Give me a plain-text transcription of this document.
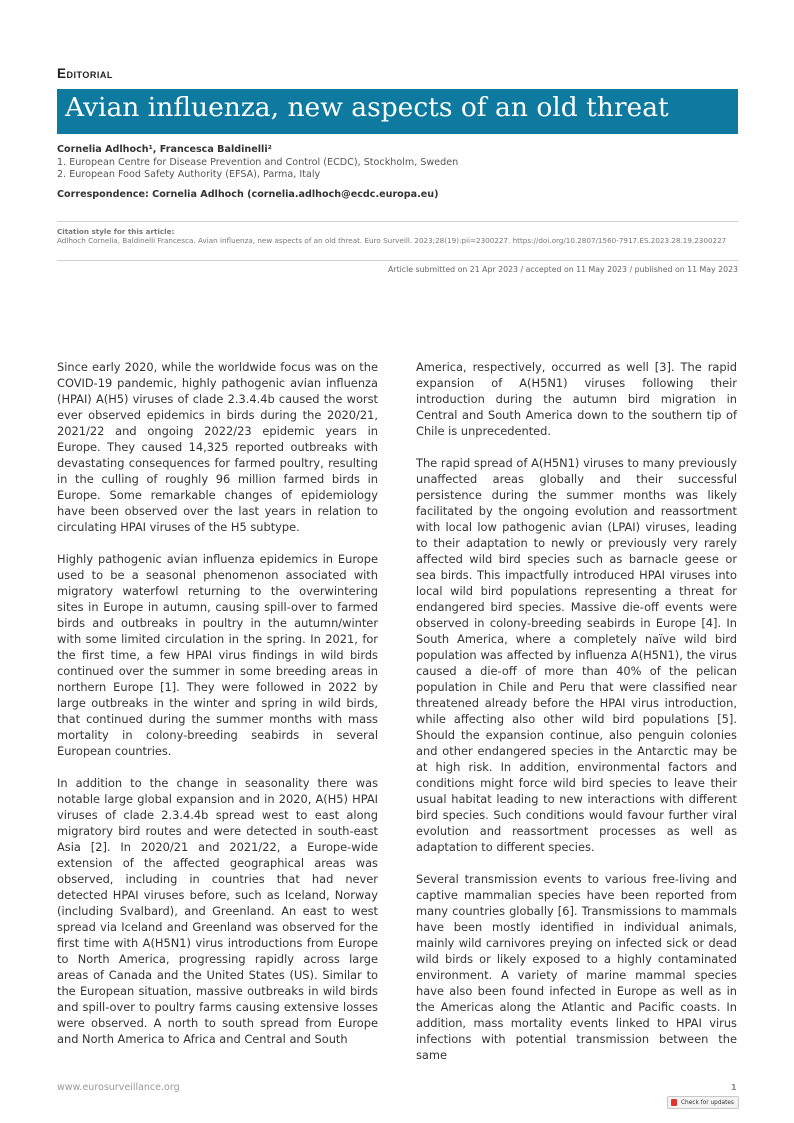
Editorial
Avian influenza, new aspects of an old threat
Cornelia Adlhoch¹, Francesca Baldinelli²
1. European Centre for Disease Prevention and Control (ECDC), Stockholm, Sweden
2. European Food Safety Authority (EFSA), Parma, Italy
Correspondence: Cornelia Adlhoch (cornelia.adlhoch@ecdc.europa.eu)
Citation style for this article:
Adlhoch Cornelia, Baldinelli Francesca. Avian influenza, new aspects of an old threat. Euro Surveill. 2023;28(19):pii=2300227. https://doi.org/10.2807/1560-7917.ES.2023.28.19.2300227
Article submitted on 21 Apr 2023 / accepted on 11 May 2023 / published on 11 May 2023

Since early 2020, while the worldwide focus was on the COVID-19 pandemic, highly pathogenic avian influenza (HPAI) A(H5) viruses of clade 2.3.4.4b caused the worst ever observed epidemics in birds during the 2020/21, 2021/22 and ongoing 2022/23 epidemic years in Europe. They caused 14,325 reported outbreaks with devastating consequences for farmed poultry, resulting in the culling of roughly 96 million farmed birds in Europe. Some remarkable changes of epidemiology have been observed over the last years in relation to circulating HPAI viruses of the H5 subtype.

Highly pathogenic avian influenza epidemics in Europe used to be a seasonal phenomenon associated with migratory waterfowl returning to the overwintering sites in Europe in autumn, causing spill-over to farmed birds and outbreaks in poultry in the autumn/winter with some limited circulation in the spring. In 2021, for the first time, a few HPAI virus findings in wild birds continued over the summer in some breeding areas in northern Europe [1]. They were followed in 2022 by large outbreaks in the winter and spring in wild birds, that continued during the summer months with mass mortality in colony-breeding seabirds in several European countries.

In addition to the change in seasonality there was notable large global expansion and in 2020, A(H5) HPAI viruses of clade 2.3.4.4b spread west to east along migratory bird routes and were detected in south-east Asia [2]. In 2020/21 and 2021/22, a Europe-wide extension of the affected geographical areas was observed, including in countries that had never detected HPAI viruses before, such as Iceland, Norway (including Svalbard), and Greenland. An east to west spread via Iceland and Greenland was observed for the first time with A(H5N1) virus introductions from Europe to North America, progressing rapidly across large areas of Canada and the United States (US). Similar to the European situation, massive outbreaks in wild birds and spill-over to poultry farms causing extensive losses were observed. A north to south spread from Europe and North America to Africa and Central and South

America, respectively, occurred as well [3]. The rapid expansion of A(H5N1) viruses following their introduction during the autumn bird migration in Central and South America down to the southern tip of Chile is unprecedented.

The rapid spread of A(H5N1) viruses to many previously unaffected areas globally and their successful persistence during the summer months was likely facilitated by the ongoing evolution and reassortment with local low pathogenic avian (LPAI) viruses, leading to their adaptation to newly or previously very rarely affected wild bird species such as barnacle geese or sea birds. This impactfully introduced HPAI viruses into local wild bird populations representing a threat for endangered bird species. Massive die-off events were observed in colony-breeding seabirds in Europe [4]. In South America, where a completely naïve wild bird population was affected by influenza A(H5N1), the virus caused a die-off of more than 40% of the pelican population in Chile and Peru that were classified near threatened already before the HPAI virus introduction, while affecting also other wild bird populations [5]. Should the expansion continue, also penguin colonies and other endangered species in the Antarctic may be at high risk. In addition, environmental factors and conditions might force wild bird species to leave their usual habitat leading to new interactions with different bird species. Such conditions would favour further viral evolution and reassortment processes as well as adaptation to different species.

Several transmission events to various free-living and captive mammalian species have been reported from many countries globally [6]. Transmissions to mammals have been mostly identified in individual animals, mainly wild carnivores preying on infected sick or dead wild birds or likely exposed to a highly contaminated environment. A variety of marine mammal species have also been found infected in Europe as well as in the Americas along the Atlantic and Pacific coasts. In addition, mass mortality events linked to HPAI virus infections with potential transmission between the same

www.eurosurveillance.org	1
Check for updates
